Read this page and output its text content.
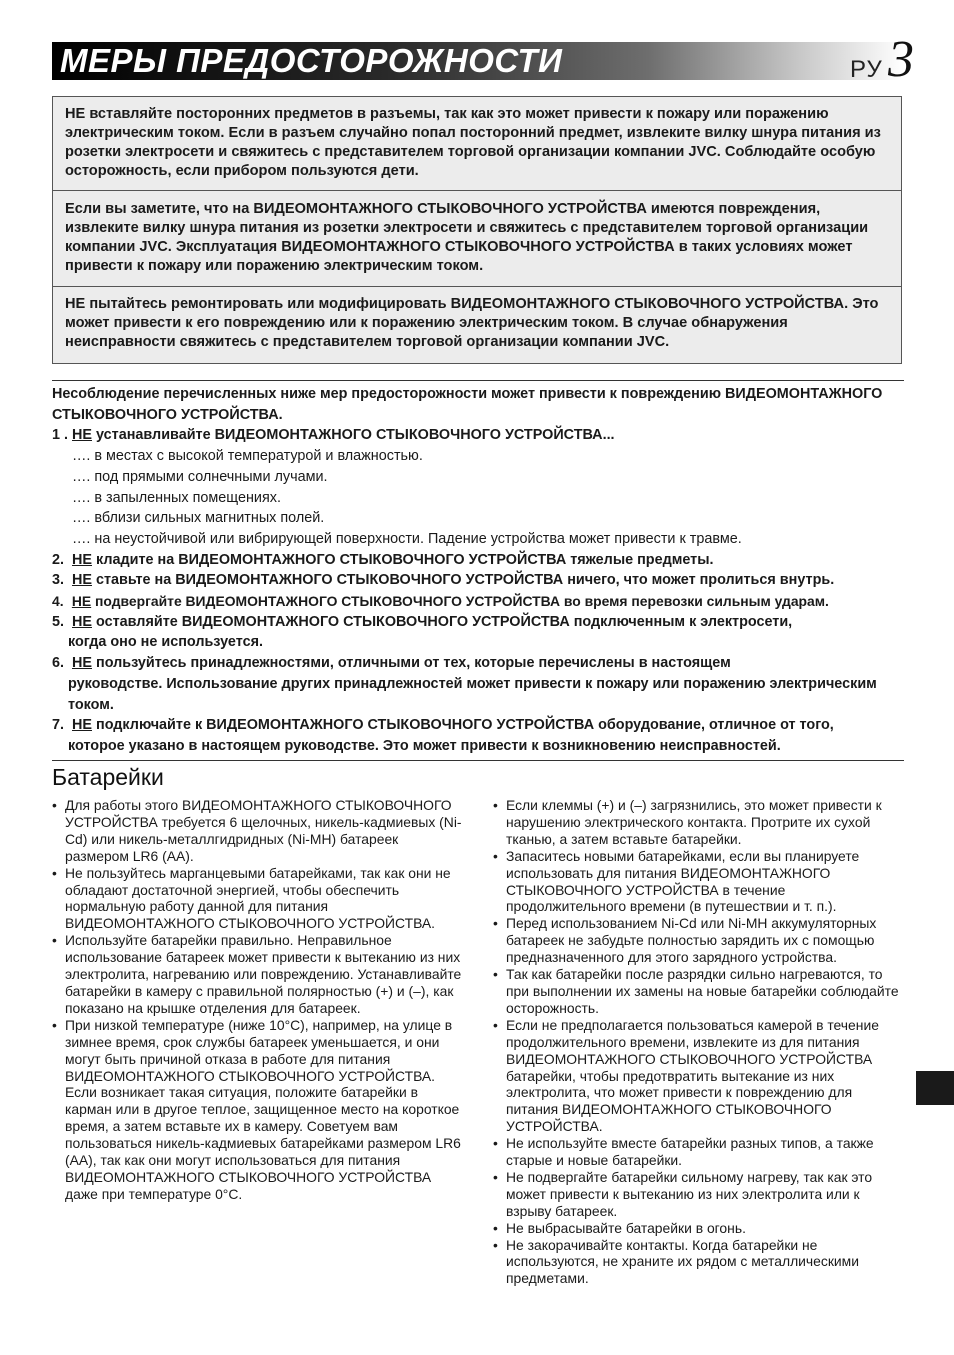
МЕРЫ ПРЕДОСТОРОЖНОСТИ	РУ 3
НЕ вставляйте посторонних предметов в разъемы, так как это может привести к пожару или поражению электрическим током. Если в разъем случайно попал посторонний предмет, извлеките вилку шнура питания из розетки электросети и свяжитесь с представителем торговой организации компании JVC. Соблюдайте особую осторожность, если прибором пользуются дети.
Если вы заметите, что на ВИДЕОМОНТАЖНОГО СТЫКОВОЧНОГО УСТРОЙСТВА имеются повреждения, извлеките вилку шнура питания из розетки электросети и свяжитесь с представителем торговой организации компании JVC. Эксплуатация ВИДЕОМОНТАЖНОГО СТЫКОВОЧНОГО УСТРОЙСТВА в таких условиях может привести к пожару или поражению электрическим током.
НЕ пытайтесь ремонтировать или модифицировать ВИДЕОМОНТАЖНОГО СТЫКОВОЧНОГО УСТРОЙСТВА. Это может привести к его повреждению или к поражению электрическим током. В случае обнаружения неисправности свяжитесь с представителем торговой организации компании JVC.

Несоблюдение перечисленных ниже мер предосторожности может привести к повреждению ВИДЕОМОНТАЖНОГО СТЫКОВОЧНОГО УСТРОЙСТВА.

1 . НЕ устанавливайте ВИДЕОМОНТАЖНОГО СТЫКОВОЧНОГО УСТРОЙСТВА...

…. в местах с высокой температурой и влажностью.

…. под прямыми солнечными лучами.

…. в запыленных помещениях.

…. вблизи сильных магнитных полей.

…. на неустойчивой или вибрирующей поверхности. Падение устройства может привести к травме.

2. НЕ кладите на ВИДЕОМОНТАЖНОГО СТЫКОВОЧНОГО УСТРОЙСТВА тяжелые предметы.

3. НЕ ставьте на ВИДЕОМОНТАЖНОГО СТЫКОВОЧНОГО УСТРОЙСТВА ничего, что может пролиться внутрь.

4. НЕ подвергайте ВИДЕОМОНТАЖНОГО СТЫКОВОЧНОГО УСТРОЙСТВА во время перевозки сильным ударам.

5. НЕ оставляйте ВИДЕОМОНТАЖНОГО СТЫКОВОЧНОГО УСТРОЙСТВА подключенным к электросети,

когда оно не используется.

6. НЕ пользуйтесь принадлежностями, отличными от тех, которые перечислены в настоящем

руководстве. Использование других принадлежностей может привести к пожару или поражению электрическим током.

7. НЕ подключайте к ВИДЕОМОНТАЖНОГО СТЫКОВОЧНОГО УСТРОЙСТВА оборудование, отличное от того,

которое указано в настоящем руководстве. Это может привести к возникновению неисправностей.

Батарейки
• Для работы этого ВИДЕОМОНТАЖНОГО СТЫКОВОЧНОГО УСТРОЙСТВА требуется 6 щелочных, никель-кадмиевых (Ni-Cd) или никель-металлгидридных (Ni-MH) батареек размером LR6 (АА).
• Не пользуйтесь марганцевыми батарейками, так как они не обладают достаточной энергией, чтобы обеспечить нормальную работу данной для питания ВИДЕОМОНТАЖНОГО СТЫКОВОЧНОГО УСТРОЙСТВА.
• Используйте батарейки правильно. Неправильное использование батареек может привести к вытеканию из них электролита, нагреванию или повреждению. Устанавливайте батарейки в камеру с правильной полярностью (+) и (–), как показано на крышке отделения для батареек.
• При низкой температуре (ниже 10°C), например, на улице в зимнее время, срок службы батареек уменьшается, и они могут быть причиной отказа в работе для питания ВИДЕОМОНТАЖНОГО СТЫКОВОЧНОГО УСТРОЙСТВА. Если возникает такая ситуация, положите батарейки в карман или в другое теплое, защищенное место на короткое время, а затем вставьте их в камеру. Советуем вам пользоваться никель-кадмиевых батарейками размером LR6 (АА), так как они могут использоваться для питания ВИДЕОМОНТАЖНОГО СТЫКОВОЧНОГО УСТРОЙСТВА даже при температуре 0°C.
• Если клеммы (+) и (–) загрязнились, это может привести к нарушению электрического контакта. Протрите их сухой тканью, а затем вставьте батарейки.
• Запаситесь новыми батарейками, если вы планируете использовать для питания ВИДЕОМОНТАЖНОГО СТЫКОВОЧНОГО УСТРОЙСТВА в течение продолжительного времени (в путешествии и т. п.).
• Перед использованием Ni-Cd или Ni-MH аккумуляторных батареек не забудьте полностью зарядить их с помощью предназначенного для этого зарядного устройства.
• Так как батарейки после разрядки сильно нагреваются, то при выполнении их замены на новые батарейки соблюдайте осторожность.
• Если не предполагается пользоваться камерой в течение продолжительного времени, извлеките из для питания ВИДЕОМОНТАЖНОГО СТЫКОВОЧНОГО УСТРОЙСТВА батарейки, чтобы предотвратить вытекание из них электролита, что может привести к повреждению для питания ВИДЕОМОНТАЖНОГО СТЫКОВОЧНОГО УСТРОЙСТВА.
• Не используйте вместе батарейки разных типов, а также старые и новые батарейки.
• Не подвергайте батарейки сильному нагреву, так как это может привести к вытеканию из них электролита или к взрыву батареек.
• Не выбрасывайте батарейки в огонь.
• Не закорачивайте контакты. Когда батарейки не используются, не храните их рядом с металлическими предметами.
